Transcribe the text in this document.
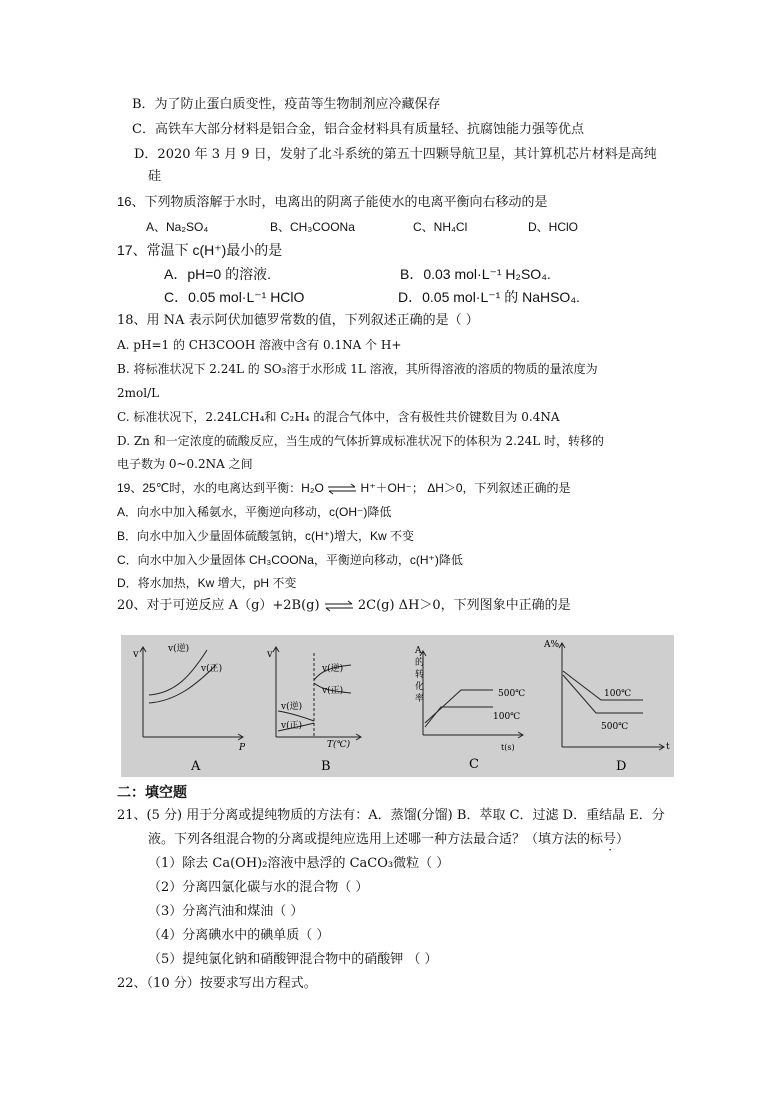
B．为了防止蛋白质变性，疫苗等生物制剂应冷藏保存
C．高铁车大部分材料是铝合金，铝合金材料具有质量轻、抗腐蚀能力强等优点
D．2020 年 3 月 9 日，发射了北斗系统的第五十四颗导航卫星，其计算机芯片材料是高纯
硅
16、下列物质溶解于水时，电离出的阴离子能使水的电离平衡向右移动的是
A、Na₂SO₄	B、CH₃COONa	C、NH₄Cl	D、HClO
17、常温下 c(H⁺)最小的是
A．pH=0 的溶液.	B．0.03 mol·L⁻¹ H₂SO₄.
C．0.05 mol·L⁻¹ HClO	D．0.05 mol·L⁻¹ 的 NaHSO₄.
18、用 NA 表示阿伏加德罗常数的值，下列叙述正确的是（ ）
A. pH=1 的 CH3COOH 溶液中含有 0.1NA 个 H+
B. 将标准状况下 2.24L 的 SO₃溶于水形成 1L 溶液，其所得溶液的溶质的物质的量浓度为
2mol/L
C. 标准状况下，2.24LCH₄和 C₂H₄ 的混合气体中，含有极性共价键数目为 0.4NA
D. Zn 和一定浓度的硫酸反应，当生成的气体折算成标准状况下的体积为 2.24L 时，转移的
电子数为 0~0.2NA 之间
19、25℃时，水的电离达到平衡：H₂O ⇌ H⁺＋OH⁻； ΔH＞0，下列叙述正确的是
A．向水中加入稀氨水，平衡逆向移动，c(OH⁻)降低
B．向水中加入少量固体硫酸氢钠，c(H⁺)增大，Kw 不变
C．向水中加入少量固体 CH₃COONa，平衡逆向移动，c(H⁺)降低
D．将水加热，Kw 增大，pH 不变
20、对于可逆反应 A（g）+2B(g) ⇌ 2C(g) ΔH＞0，下列图象中正确的是
v
P
v(逆)
v(正)
A
v
T(℃)
v(逆)
v(正)
v(逆)
v(正)
B
A
的
转
化
率
t(s)
500℃
100℃
C
A%
t
100℃
500℃
D
二：填空题
21、(5 分) 用于分离或提纯物质的方法有：A．蒸馏(分馏) B．萃取 C．过滤 D．重结晶 E．分
液。下列各组混合物的分离或提纯应选用上述哪一种方法最合适？（填方法的标号）
（1）除去 Ca(OH)₂溶液中悬浮的 CaCO₃微粒（ ）
（2）分离四氯化碳与水的混合物（ ）
（3）分离汽油和煤油（ ）
（4）分离碘水中的碘单质（ ）
（5）提纯氯化钠和硝酸钾混合物中的硝酸钾 （ ）
22、（10 分）按要求写出方程式。
